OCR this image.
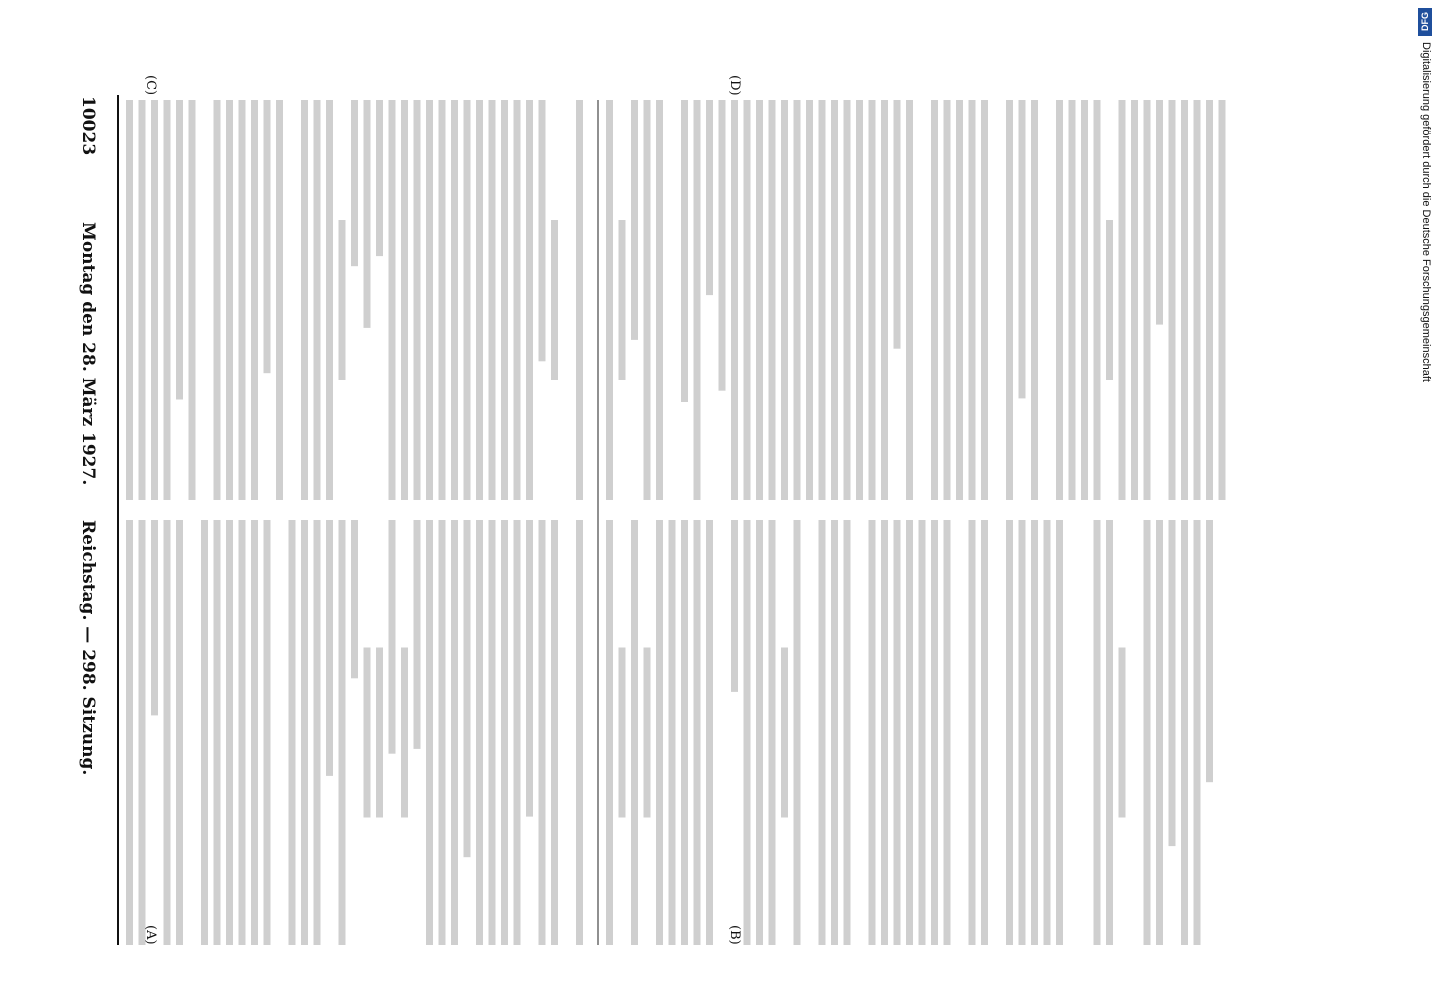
10023
Reichstag. — 298. Sitzung.
Montag den 28. März 1927.
(A)	(B)
(C)	(D)	Digitalisierung gefördert durch die Deutsche Forschungsgemeinschaft
DFG
